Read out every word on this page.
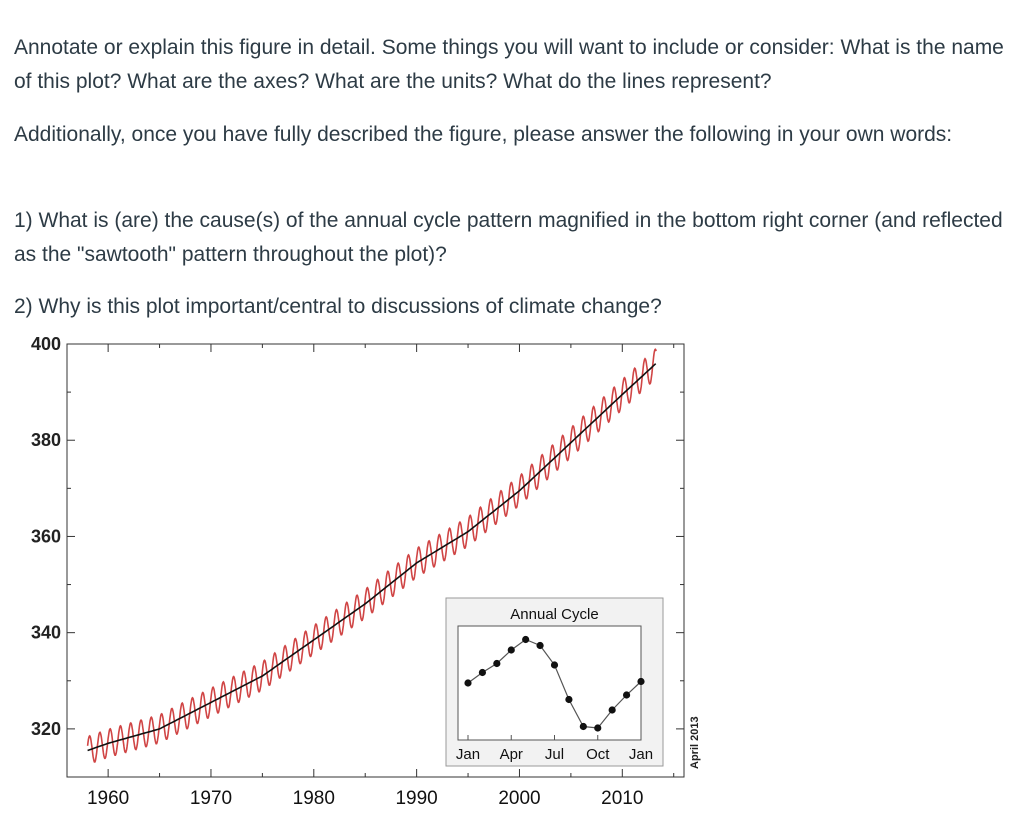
Annotate or explain this figure in detail. Some things you will want to include or consider: What is the name of this plot? What are the axes? What are the units? What do the lines represent?

Additionally, once you have fully described the figure, please answer the following in your own words:

1) What is (are) the cause(s) of the annual cycle pattern magnified in the bottom right corner (and reflected as the "sawtooth" pattern throughout the plot)?

2) Why is this plot important/central to discussions of climate change?

1960	1970	1980	1990	2000	2010
320
340
360
380
400
April 2013
Annual Cycle
Jan Apr Jul Oct Jan
